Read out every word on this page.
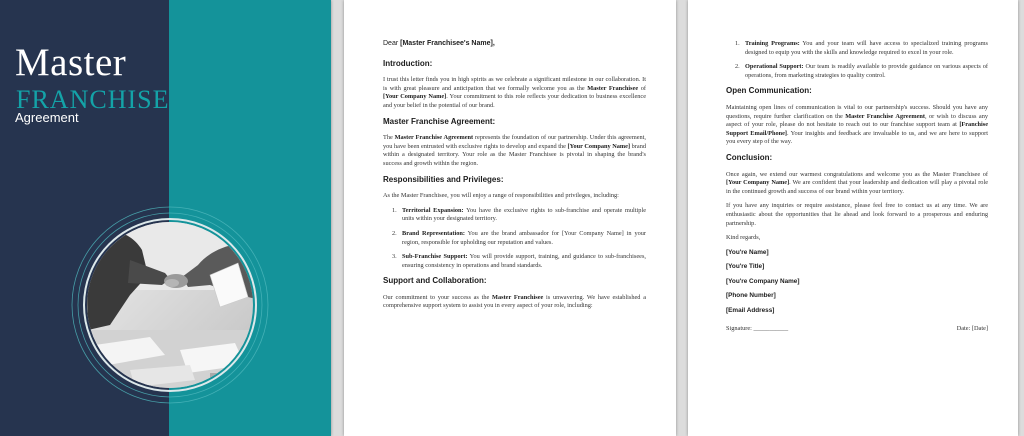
Master
FRANCHISE
Agreement
Dear [Master Franchisee's Name],
Introduction:

I trust this letter finds you in high spirits as we celebrate a significant milestone in our collaboration. It is with great pleasure and anticipation that we formally welcome you as the Master Franchisee of [Your Company Name]. Your commitment to this role reflects your dedication to business excellence and your belief in the potential of our brand.

Master Franchise Agreement:

The Master Franchise Agreement represents the foundation of our partnership. Under this agreement, you have been entrusted with exclusive rights to develop and expand the [Your Company Name] brand within a designated territory. Your role as the Master Franchisee is pivotal in shaping the brand's success and growth within the region.

Responsibilities and Privileges:

As the Master Franchisee, you will enjoy a range of responsibilities and privileges, including:

1. Territorial Expansion: You have the exclusive rights to sub-franchise and operate multiple units within your designated territory.
2. Brand Representation: You are the brand ambassador for [Your Company Name] in your region, responsible for upholding our reputation and values.
3. Sub-Franchise Support: You will provide support, training, and guidance to sub-franchisees, ensuring consistency in operations and brand standards.
Support and Collaboration:

Our commitment to your success as the Master Franchisee is unwavering. We have established a comprehensive support system to assist you in every aspect of your role, including:

1. Training Programs: You and your team will have access to specialized training programs designed to equip you with the skills and knowledge required to excel in your role.
2. Operational Support: Our team is readily available to provide guidance on various aspects of operations, from marketing strategies to quality control.
Open Communication:

Maintaining open lines of communication is vital to our partnership's success. Should you have any questions, require further clarification on the Master Franchise Agreement, or wish to discuss any aspect of your role, please do not hesitate to reach out to our franchise support team at [Franchise Support Email/Phone]. Your insights and feedback are invaluable to us, and we are here to support you every step of the way.

Conclusion:

Once again, we extend our warmest congratulations and welcome you as the Master Franchisee of [Your Company Name]. We are confident that your leadership and dedication will play a pivotal role in the continued growth and success of our brand within your territory.

If you have any inquiries or require assistance, please feel free to contact us at any time. We are enthusiastic about the opportunities that lie ahead and look forward to a prosperous and enduring partnership.

Kind regards,

[You're Name]
[You're Title]
[You're Company Name]
[Phone Number]
[Email Address]
Signature: ___________	Date: [Date]
